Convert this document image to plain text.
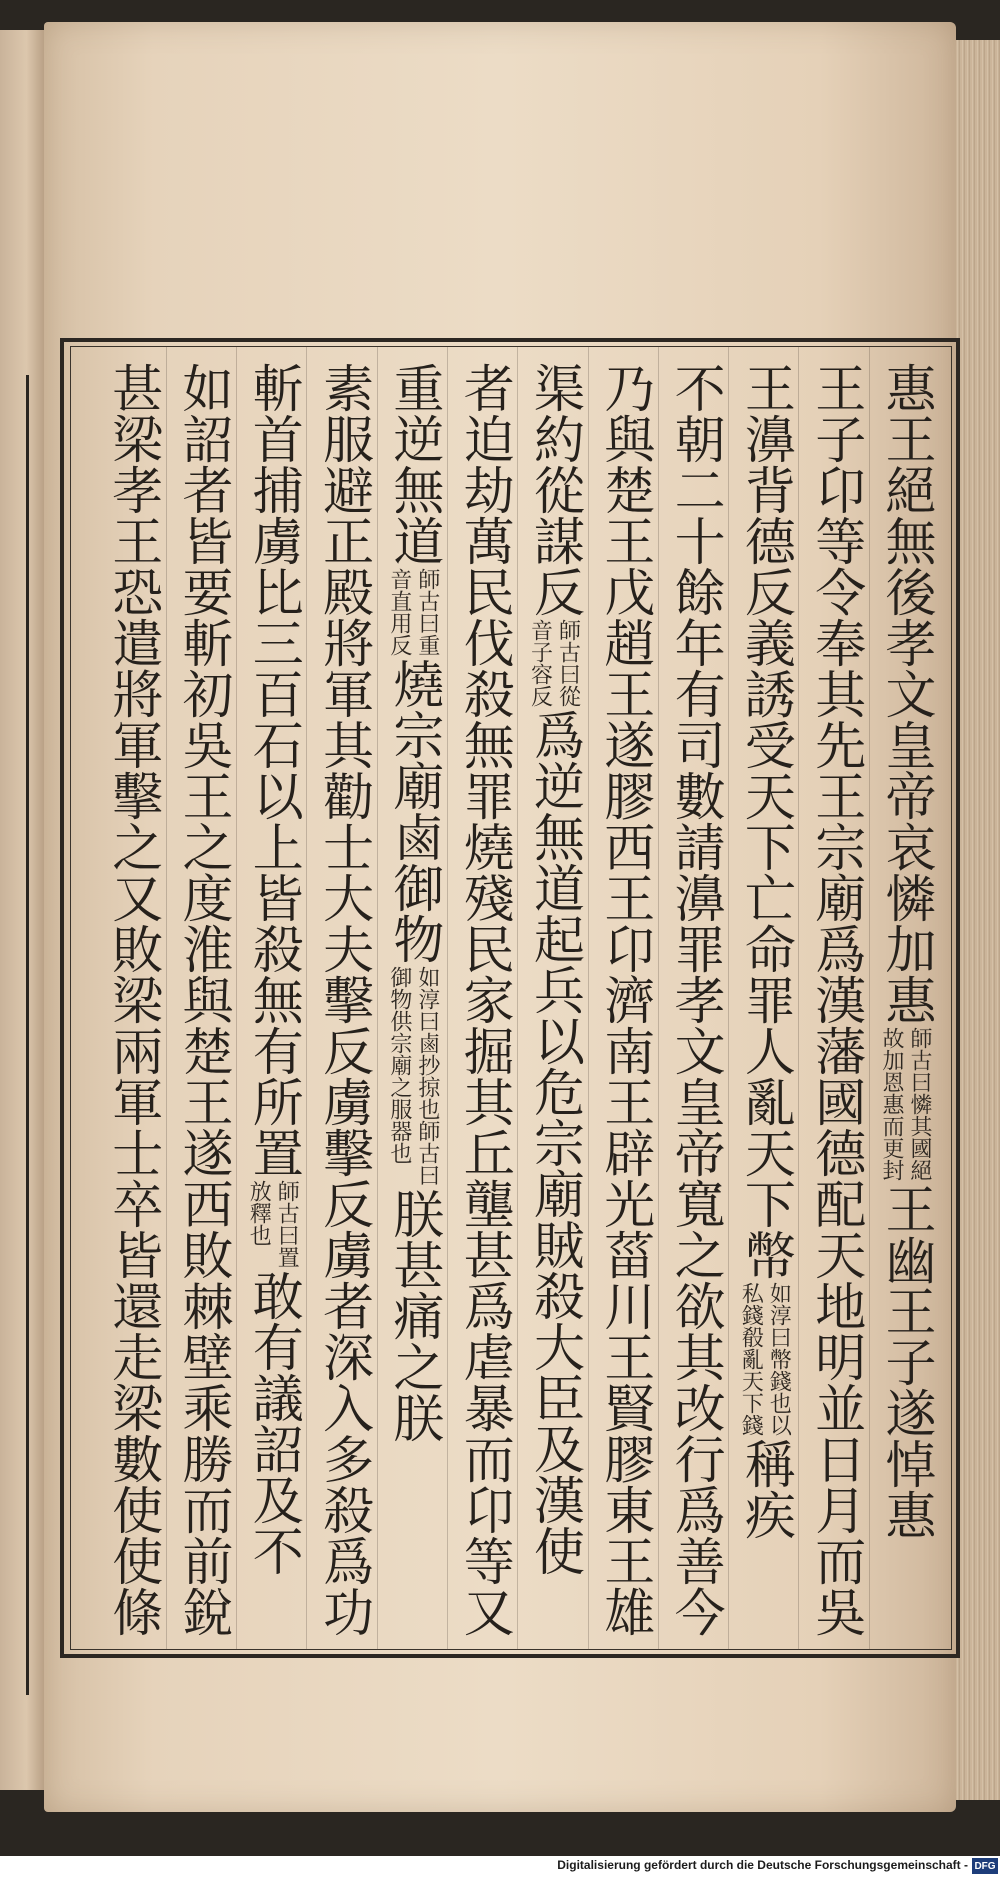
惠王絕無後孝文皇帝哀憐加惠
師古曰憐其國絕
故加恩惠而更封
王幽王子遂悼惠
王子卬等令奉其先王宗廟爲漢藩國德配天地明並日月而吳
王濞背德反義誘受天下亡命罪人亂天下幣
如淳曰幣錢也以
私錢殽亂天下錢
稱疾
不朝二十餘年有司數請濞罪孝文皇帝寬之欲其改行爲善今
乃與楚王戊趙王遂膠西王卬濟南王辟光菑川王賢膠東王雄
渠約從謀反
師古曰從
音子容反
爲逆無道起兵以危宗廟賊殺大臣及漢使
者迫劫萬民伐殺無罪燒殘民家掘其丘壟甚爲虐暴而卬等又
重逆無道
師古曰重
音直用反
燒宗廟鹵御物
如淳曰鹵抄掠也師古曰
御物供宗廟之服器也
朕甚痛之朕
素服避正殿將軍其勸士大夫擊反虜擊反虜者深入多殺爲功
斬首捕虜比三百石以上皆殺無有所置
師古曰置
放釋也
敢有議詔及不
如詔者皆要斬初吳王之度淮與楚王遂西敗棘壁乘勝而前銳
甚梁孝王恐遣將軍擊之又敗梁兩軍士卒皆還走梁數使使條
Digitalisierung gefördert durch die Deutsche Forschungsgemeinschaft - DFG
